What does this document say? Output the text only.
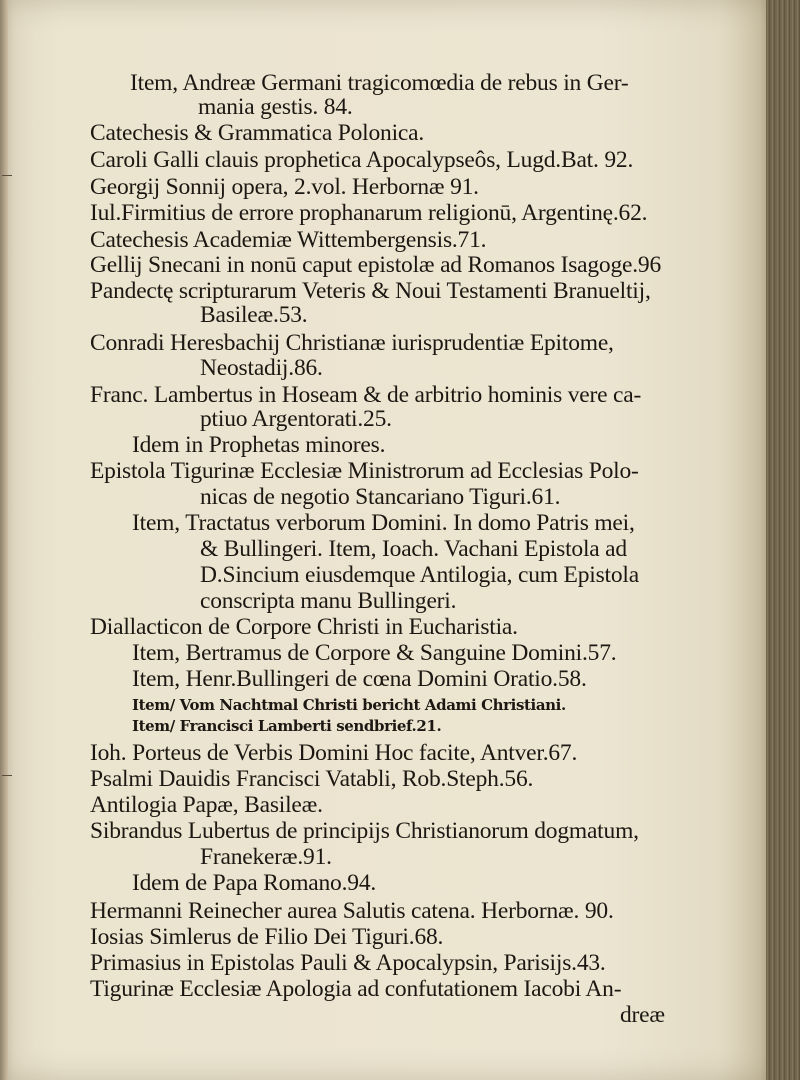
Item, Andreæ Germani tragicomœdia de rebus in Ger-
mania gestis. 84.
Catechesis & Grammatica Polonica.
Caroli Galli clauis prophetica Apocalypseôs, Lugd.Bat. 92.
Georgij Sonnij opera, 2.vol. Herbornæ 91.
Iul.Firmitius de errore prophanarum religionū, Argentinę.62.
Catechesis Academiæ Wittembergensis.71.
Gellij Snecani in nonū caput epistolæ ad Romanos Isagoge.96
Pandectę scripturarum Veteris & Noui Testamenti Branueltij,
Basileæ.53.
Conradi Heresbachij Christianæ iurisprudentiæ Epitome,
Neostadij.86.
Franc. Lambertus in Hoseam & de arbitrio hominis vere ca-
ptiuo Argentorati.25.
Idem in Prophetas minores.
Epistola Tigurinæ Ecclesiæ Ministrorum ad Ecclesias Polo-
nicas de negotio Stancariano Tiguri.61.
Item, Tractatus verborum Domini. In domo Patris mei,
& Bullingeri. Item, Ioach. Vachani Epistola ad
D.Sincium eiusdemque Antilogia, cum Epistola
conscripta manu Bullingeri.
Diallacticon de Corpore Christi in Eucharistia.
Item, Bertramus de Corpore & Sanguine Domini.57.
Item, Henr.Bullingeri de cœna Domini Oratio.58.
Item/ Vom Nachtmal Christi bericht Adami Christiani.
Item/ Francisci Lamberti sendbrief.21.
Ioh. Porteus de Verbis Domini Hoc facite, Antver.67.
Psalmi Dauidis Francisci Vatabli, Rob.Steph.56.
Antilogia Papæ, Basileæ.
Sibrandus Lubertus de principijs Christianorum dogmatum,
Franekeræ.91.
Idem de Papa Romano.94.
Hermanni Reinecher aurea Salutis catena. Herbornæ. 90.
Iosias Simlerus de Filio Dei Tiguri.68.
Primasius in Epistolas Pauli & Apocalypsin, Parisijs.43.
Tigurinæ Ecclesiæ Apologia ad confutationem Iacobi An-
dreæ
